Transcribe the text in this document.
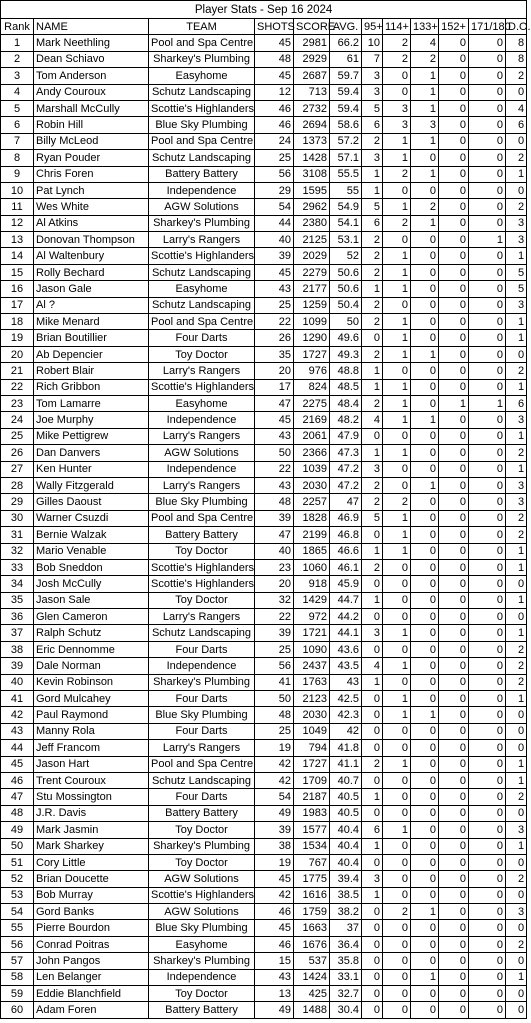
Player Stats - Sep 16 2024											
Rank	NAME	TEAM	SHOTS	SCORE	AVG.	95+	114+	133+	152+	171/180	D.O.
1	Mark Neethling	Pool and Spa Centre	45	2981	66.2	10	2	4	0	0	8
2	Dean Schiavo	Sharkey's Plumbing	48	2929	61	7	2	2	0	0	8
3	Tom Anderson	Easyhome	45	2687	59.7	3	0	1	0	0	2
4	Andy Couroux	Schutz Landscaping	12	713	59.4	3	0	1	0	0	0
5	Marshall McCully	Scottie's Highlanders	46	2732	59.4	5	3	1	0	0	4
6	Robin Hill	Blue Sky Plumbing	46	2694	58.6	6	3	3	0	0	6
7	Billy McLeod	Pool and Spa Centre	24	1373	57.2	2	1	1	0	0	0
8	Ryan Pouder	Schutz Landscaping	25	1428	57.1	3	1	0	0	0	2
9	Chris Foren	Battery Battery	56	3108	55.5	1	2	1	0	0	1
10	Pat Lynch	Independence	29	1595	55	1	0	0	0	0	0
11	Wes White	AGW Solutions	54	2962	54.9	5	1	2	0	0	2
12	Al Atkins	Sharkey's Plumbing	44	2380	54.1	6	2	1	0	0	3
13	Donovan Thompson	Larry's Rangers	40	2125	53.1	2	0	0	0	1	3
14	Al Waltenbury	Scottie's Highlanders	39	2029	52	2	1	0	0	0	1
15	Rolly Bechard	Schutz Landscaping	45	2279	50.6	2	1	0	0	0	5
16	Jason Gale	Easyhome	43	2177	50.6	1	1	0	0	0	5
17	Al ?	Schutz Landscaping	25	1259	50.4	2	0	0	0	0	3
18	Mike Menard	Pool and Spa Centre	22	1099	50	2	1	0	0	0	1
19	Brian Boutillier	Four Darts	26	1290	49.6	0	1	0	0	0	1
20	Ab Depencier	Toy Doctor	35	1727	49.3	2	1	1	0	0	0
21	Robert Blair	Larry's Rangers	20	976	48.8	1	0	0	0	0	2
22	Rich Gribbon	Scottie's Highlanders	17	824	48.5	1	1	0	0	0	1
23	Tom Lamarre	Easyhome	47	2275	48.4	2	1	0	1	1	6
24	Joe Murphy	Independence	45	2169	48.2	4	1	1	0	0	3
25	Mike Pettigrew	Larry's Rangers	43	2061	47.9	0	0	0	0	0	1
26	Dan Danvers	AGW Solutions	50	2366	47.3	1	1	0	0	0	2
27	Ken Hunter	Independence	22	1039	47.2	3	0	0	0	0	1
28	Wally Fitzgerald	Larry's Rangers	43	2030	47.2	2	0	1	0	0	3
29	Gilles Daoust	Blue Sky Plumbing	48	2257	47	2	2	0	0	0	3
30	Warner Csuzdi	Pool and Spa Centre	39	1828	46.9	5	1	0	0	0	2
31	Bernie Walzak	Battery Battery	47	2199	46.8	0	1	0	0	0	2
32	Mario Venable	Toy Doctor	40	1865	46.6	1	1	0	0	0	1
33	Bob Sneddon	Scottie's Highlanders	23	1060	46.1	2	0	0	0	0	1
34	Josh McCully	Scottie's Highlanders	20	918	45.9	0	0	0	0	0	0
35	Jason Sale	Toy Doctor	32	1429	44.7	1	0	0	0	0	1
36	Glen Cameron	Larry's Rangers	22	972	44.2	0	0	0	0	0	0
37	Ralph Schutz	Schutz Landscaping	39	1721	44.1	3	1	0	0	0	1
38	Eric Dennomme	Four Darts	25	1090	43.6	0	0	0	0	0	2
39	Dale Norman	Independence	56	2437	43.5	4	1	0	0	0	2
40	Kevin Robinson	Sharkey's Plumbing	41	1763	43	1	0	0	0	0	2
41	Gord Mulcahey	Four Darts	50	2123	42.5	0	1	0	0	0	1
42	Paul Raymond	Blue Sky Plumbing	48	2030	42.3	0	1	1	0	0	0
43	Manny Rola	Four Darts	25	1049	42	0	0	0	0	0	0
44	Jeff Francom	Larry's Rangers	19	794	41.8	0	0	0	0	0	0
45	Jason Hart	Pool and Spa Centre	42	1727	41.1	2	1	0	0	0	1
46	Trent Couroux	Schutz Landscaping	42	1709	40.7	0	0	0	0	0	1
47	Stu Mossington	Four Darts	54	2187	40.5	1	0	0	0	0	2
48	J.R. Davis	Battery Battery	49	1983	40.5	0	0	0	0	0	0
49	Mark Jasmin	Toy Doctor	39	1577	40.4	6	1	0	0	0	3
50	Mark Sharkey	Sharkey's Plumbing	38	1534	40.4	1	0	0	0	0	1
51	Cory Little	Toy Doctor	19	767	40.4	0	0	0	0	0	0
52	Brian Doucette	AGW Solutions	45	1775	39.4	3	0	0	0	0	2
53	Bob Murray	Scottie's Highlanders	42	1616	38.5	1	0	0	0	0	0
54	Gord Banks	AGW Solutions	46	1759	38.2	0	2	1	0	0	3
55	Pierre Bourdon	Blue Sky Plumbing	45	1663	37	0	0	0	0	0	0
56	Conrad Poitras	Easyhome	46	1676	36.4	0	0	0	0	0	2
57	John Pangos	Sharkey's Plumbing	15	537	35.8	0	0	0	0	0	0
58	Len Belanger	Independence	43	1424	33.1	0	0	1	0	0	1
59	Eddie Blanchfield	Toy Doctor	13	425	32.7	0	0	0	0	0	0
60	Adam Foren	Battery Battery	49	1488	30.4	0	0	0	0	0	0
